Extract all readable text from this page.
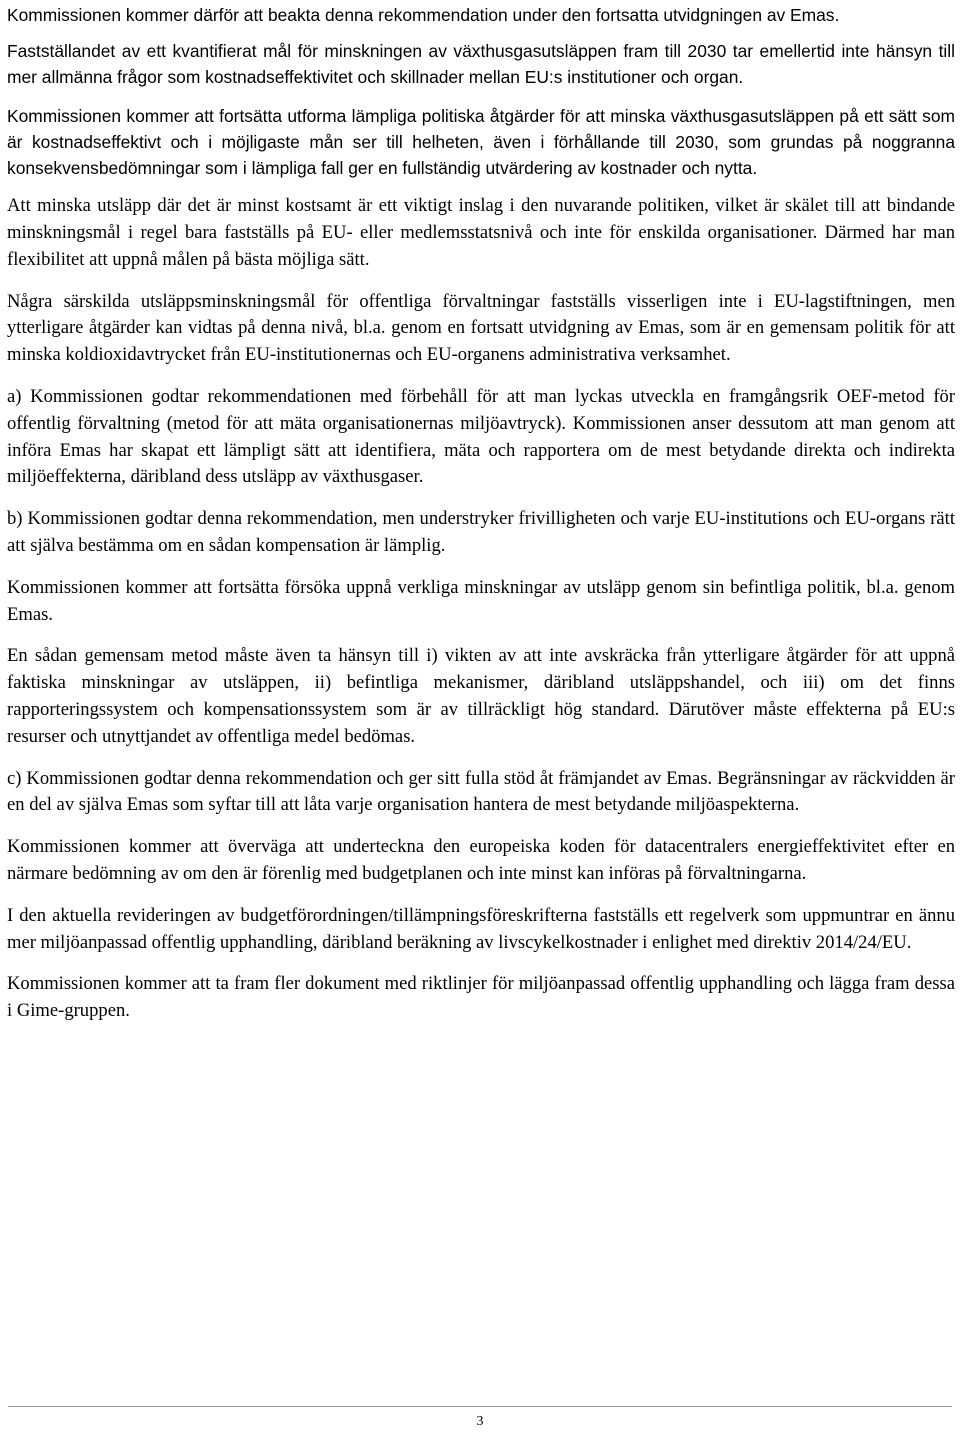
Kommissionen kommer därför att beakta denna rekommendation under den fortsatta utvidgningen av Emas.

Fastställandet av ett kvantifierat mål för minskningen av växthusgasutsläppen fram till 2030 tar emellertid inte hänsyn till mer allmänna frågor som kostnadseffektivitet och skillnader mellan EU:s institutioner och organ.

Kommissionen kommer att fortsätta utforma lämpliga politiska åtgärder för att minska växthusgasutsläppen på ett sätt som är kostnadseffektivt och i möjligaste mån ser till helheten, även i förhållande till 2030, som grundas på noggranna konsekvensbedömningar som i lämpliga fall ger en fullständig utvärdering av kostnader och nytta.

Att minska utsläpp där det är minst kostsamt är ett viktigt inslag i den nuvarande politiken, vilket är skälet till att bindande minskningsmål i regel bara fastställs på EU- eller medlemsstatsnivå och inte för enskilda organisationer. Därmed har man flexibilitet att uppnå målen på bästa möjliga sätt.

Några särskilda utsläppsminskningsmål för offentliga förvaltningar fastställs visserligen inte i EU-lagstiftningen, men ytterligare åtgärder kan vidtas på denna nivå, bl.a. genom en fortsatt utvidgning av Emas, som är en gemensam politik för att minska koldioxidavtrycket från EU-institutionernas och EU-organens administrativa verksamhet.

a) Kommissionen godtar rekommendationen med förbehåll för att man lyckas utveckla en framgångsrik OEF-metod för offentlig förvaltning (metod för att mäta organisationernas miljöavtryck). Kommissionen anser dessutom att man genom att införa Emas har skapat ett lämpligt sätt att identifiera, mäta och rapportera om de mest betydande direkta och indirekta miljöeffekterna, däribland dess utsläpp av växthusgaser.

b) Kommissionen godtar denna rekommendation, men understryker frivilligheten och varje EU-institutions och EU-organs rätt att själva bestämma om en sådan kompensation är lämplig.

Kommissionen kommer att fortsätta försöka uppnå verkliga minskningar av utsläpp genom sin befintliga politik, bl.a. genom Emas.

En sådan gemensam metod måste även ta hänsyn till i) vikten av att inte avskräcka från ytterligare åtgärder för att uppnå faktiska minskningar av utsläppen, ii) befintliga mekanismer, däribland utsläppshandel, och iii) om det finns rapporteringssystem och kompensationssystem som är av tillräckligt hög standard. Därutöver måste effekterna på EU:s resurser och utnyttjandet av offentliga medel bedömas.

c) Kommissionen godtar denna rekommendation och ger sitt fulla stöd åt främjandet av Emas. Begränsningar av räckvidden är en del av själva Emas som syftar till att låta varje organisation hantera de mest betydande miljöaspekterna.

Kommissionen kommer att överväga att underteckna den europeiska koden för datacentralers energieffektivitet efter en närmare bedömning av om den är förenlig med budgetplanen och inte minst kan införas på förvaltningarna.

I den aktuella revideringen av budgetförordningen/tillämpningsföreskrifterna fastställs ett regelverk som uppmuntrar en ännu mer miljöanpassad offentlig upphandling, däribland beräkning av livscykelkostnader i enlighet med direktiv 2014/24/EU.

Kommissionen kommer att ta fram fler dokument med riktlinjer för miljöanpassad offentlig upphandling och lägga fram dessa i Gime-gruppen.

3
